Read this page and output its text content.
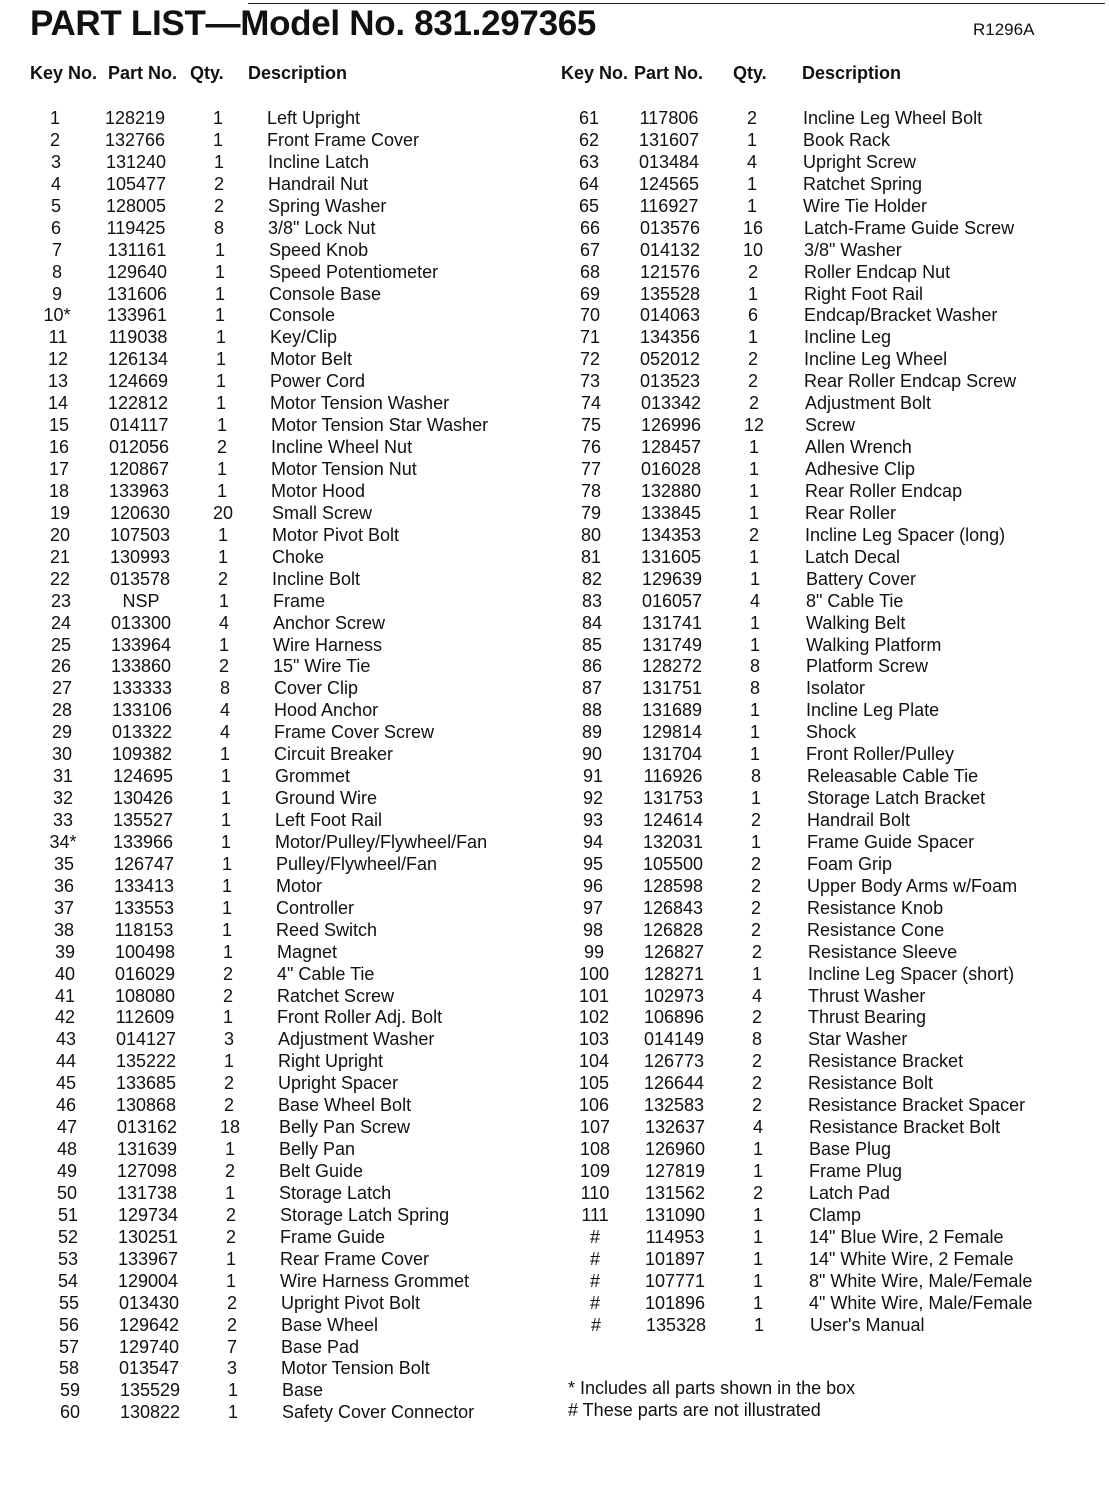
PART LIST—Model No. 831.297365	R1296A
Key No. Part No. Qty. Description	Key No. Part No. Qty. Description
1	128219	1	Left Upright
2	132766	1	Front Frame Cover
3	131240	1	Incline Latch
4	105477	2	Handrail Nut
5	128005	2	Spring Washer
6	119425	8	3/8" Lock Nut
7	131161	1	Speed Knob
8	129640	1	Speed Potentiometer
9	131606	1	Console Base
10*	133961	1	Console
11	119038	1	Key/Clip
12	126134	1	Motor Belt
13	124669	1	Power Cord
14	122812	1	Motor Tension Washer
15	014117	1	Motor Tension Star Washer
16	012056	2	Incline Wheel Nut
17	120867	1	Motor Tension Nut
18	133963	1	Motor Hood
19	120630	20 Small Screw
20	107503	1	Motor Pivot Bolt
21	130993	1	Choke
22	013578	2	Incline Bolt
23	NSP	1	Frame
24	013300	4	Anchor Screw
25	133964	1	Wire Harness
26	133860	2	15" Wire Tie
27	133333	8	Cover Clip
28	133106	4	Hood Anchor
29	013322	4	Frame Cover Screw
30	109382	1	Circuit Breaker
31	124695	1	Grommet
32	130426	1	Ground Wire
33	135527	1	Left Foot Rail
34*	133966	1	Motor/Pulley/Flywheel/Fan
35	126747	1	Pulley/Flywheel/Fan
36	133413	1	Motor
37	133553	1	Controller
38	118153	1	Reed Switch
39	100498	1	Magnet
40	016029	2	4" Cable Tie
41	108080	2	Ratchet Screw
42	112609	1	Front Roller Adj. Bolt
43	014127	3	Adjustment Washer
44	135222	1	Right Upright
45	133685	2	Upright Spacer
46	130868	2	Base Wheel Bolt
47	013162	18 Belly Pan Screw
48	131639	1	Belly Pan
49	127098	2	Belt Guide
50	131738	1	Storage Latch
51	129734	2	Storage Latch Spring
52	130251	2	Frame Guide
53	133967	1	Rear Frame Cover
54	129004	1	Wire Harness Grommet
55	013430	2	Upright Pivot Bolt
56	129642	2	Base Wheel
57	129740	7	Base Pad
58	013547	3	Motor Tension Bolt
59	135529	1	Base
60	130822	1	Safety Cover Connector
61	117806	2	Incline Leg Wheel Bolt
62	131607	1	Book Rack
63	013484	4	Upright Screw
64	124565	1	Ratchet Spring
65	116927	1	Wire Tie Holder
66	013576	16 Latch-Frame Guide Screw
67	014132	10 3/8" Washer
68	121576	2	Roller Endcap Nut
69	135528	1	Right Foot Rail
70	014063	6	Endcap/Bracket Washer
71	134356	1	Incline Leg
72	052012	2	Incline Leg Wheel
73	013523	2	Rear Roller Endcap Screw
74	013342	2	Adjustment Bolt
75	126996	12 Screw
76	128457	1	Allen Wrench
77	016028	1	Adhesive Clip
78	132880	1	Rear Roller Endcap
79	133845	1	Rear Roller
80	134353	2	Incline Leg Spacer (long)
81	131605	1	Latch Decal
82	129639	1	Battery Cover
83	016057	4	8" Cable Tie
84	131741	1	Walking Belt
85	131749	1	Walking Platform
86	128272	8	Platform Screw
87	131751	8	Isolator
88	131689	1	Incline Leg Plate
89	129814	1	Shock
90	131704	1	Front Roller/Pulley
91	116926	8	Releasable Cable Tie
92	131753	1	Storage Latch Bracket
93	124614	2	Handrail Bolt
94	132031	1	Frame Guide Spacer
95	105500	2	Foam Grip
96	128598	2	Upper Body Arms w/Foam
97	126843	2	Resistance Knob
98	126828	2	Resistance Cone
99	126827	2	Resistance Sleeve
100	128271	1	Incline Leg Spacer (short)
101	102973	4	Thrust Washer
102	106896	2	Thrust Bearing
103	014149	8	Star Washer
104	126773	2	Resistance Bracket
105	126644	2	Resistance Bolt
106	132583	2	Resistance Bracket Spacer
107	132637	4	Resistance Bracket Bolt
108	126960	1	Base Plug
109	127819	1	Frame Plug
110	131562	2	Latch Pad
111	131090	1	Clamp
#	114953	1	14" Blue Wire, 2 Female
#	101897	1	14" White Wire, 2 Female
#	107771	1	8" White Wire, Male/Female
#	101896	1	4" White Wire, Male/Female
#	135328	1	User's Manual
* Includes all parts shown in the box
# These parts are not illustrated
